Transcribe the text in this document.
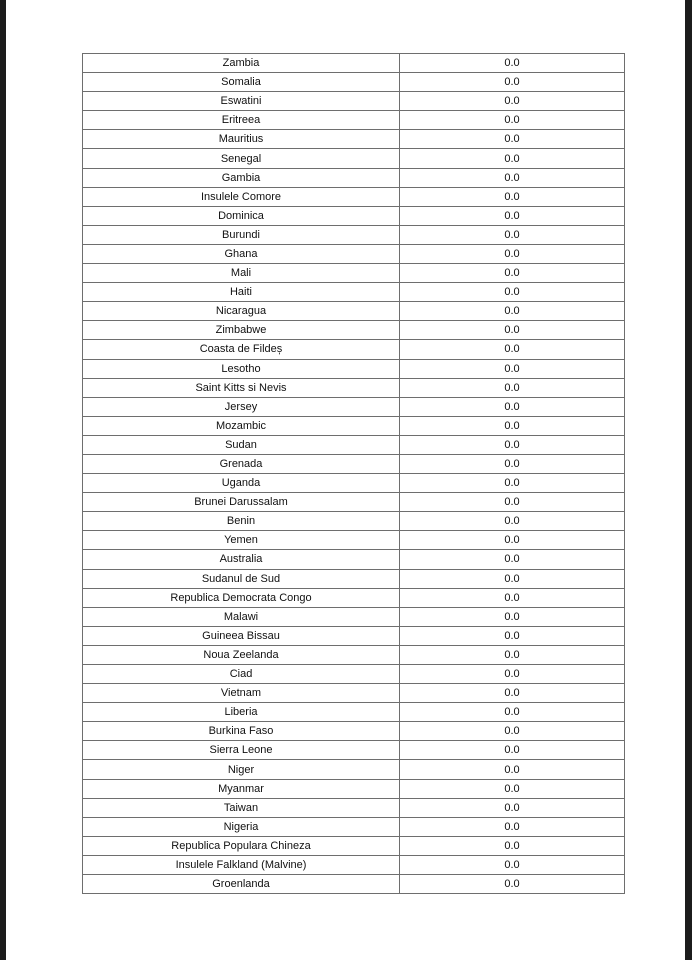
Zambia	0.0
Somalia	0.0
Eswatini	0.0
Eritreea	0.0
Mauritius	0.0
Senegal	0.0
Gambia	0.0
Insulele Comore	0.0
Dominica	0.0
Burundi	0.0
Ghana	0.0
Mali	0.0
Haiti	0.0
Nicaragua	0.0
Zimbabwe	0.0
Coasta de Fildeș	0.0
Lesotho	0.0
Saint Kitts si Nevis	0.0
Jersey	0.0
Mozambic	0.0
Sudan	0.0
Grenada	0.0
Uganda	0.0
Brunei Darussalam	0.0
Benin	0.0
Yemen	0.0
Australia	0.0
Sudanul de Sud	0.0
Republica Democrata Congo	0.0
Malawi	0.0
Guineea Bissau	0.0
Noua Zeelanda	0.0
Ciad	0.0
Vietnam	0.0
Liberia	0.0
Burkina Faso	0.0
Sierra Leone	0.0
Niger	0.0
Myanmar	0.0
Taiwan	0.0
Nigeria	0.0
Republica Populara Chineza	0.0
Insulele Falkland (Malvine)	0.0
Groenlanda	0.0
